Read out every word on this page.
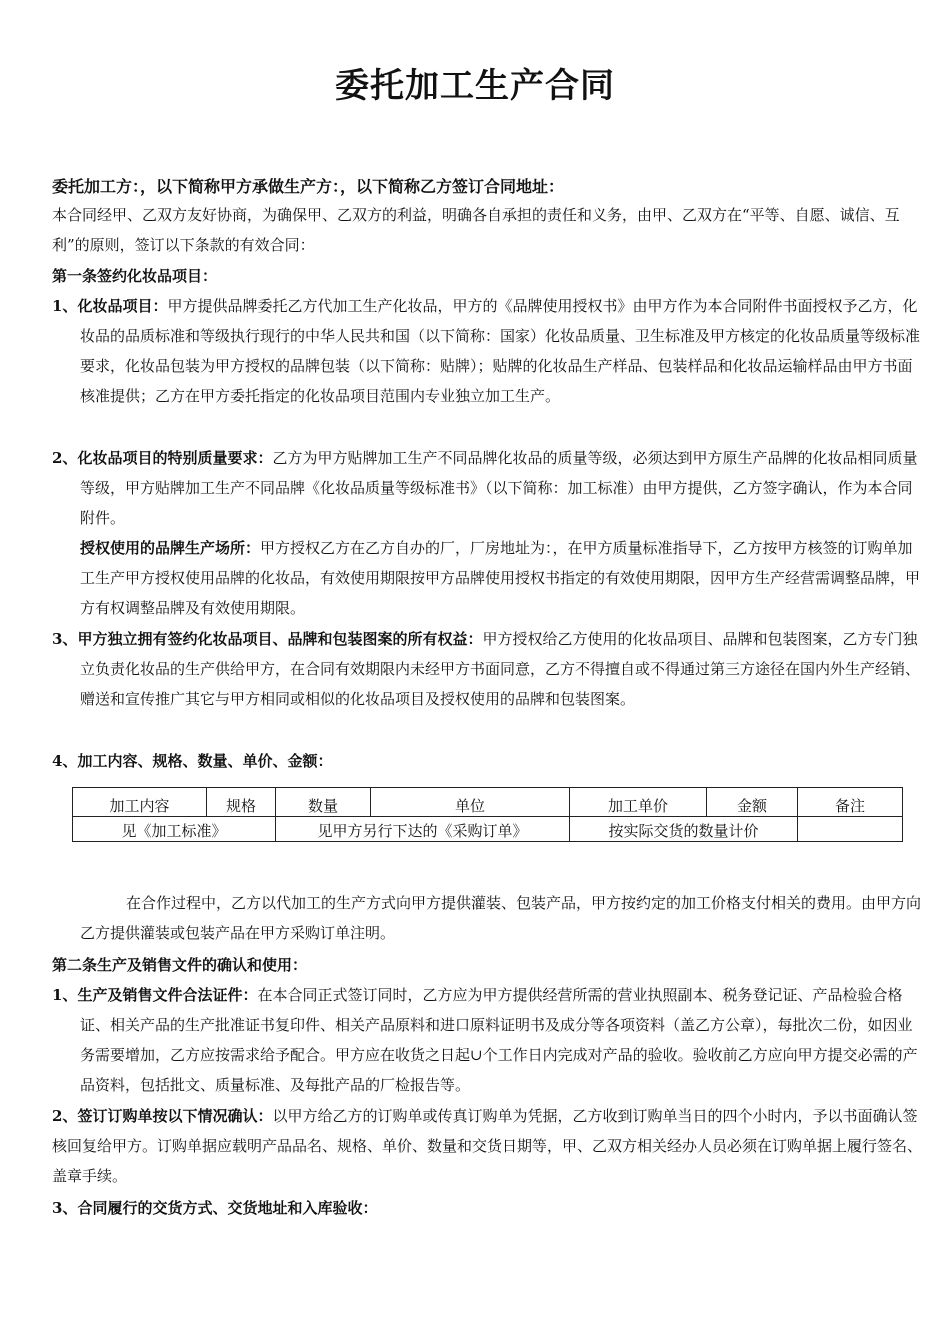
委托加工生产合同

委托加工方：，以下简称甲方承做生产方：，以下简称乙方签订合同地址：

本合同经甲、乙双方友好协商，为确保甲、乙双方的利益，明确各自承担的责任和义务，由甲、乙双方在“平等、自愿、诚信、互利”的原则，签订以下条款的有效合同：

第一条签约化妆品项目：

1、化妆品项目：甲方提供品牌委托乙方代加工生产化妆品，甲方的《品牌使用授权书》由甲方作为本合同附件书面授权予乙方，化妆品的品质标准和等级执行现行的中华人民共和国（以下简称：国家）化妆品质量、卫生标准及甲方核定的化妆品质量等级标准要求，化妆品包装为甲方授权的品牌包装（以下简称：贴牌）；贴牌的化妆品生产样品、包装样品和化妆品运输样品由甲方书面核准提供；乙方在甲方委托指定的化妆品项目范围内专业独立加工生产。

2、化妆品项目的特别质量要求：乙方为甲方贴牌加工生产不同品牌化妆品的质量等级，必须达到甲方原生产品牌的化妆品相同质量等级，甲方贴牌加工生产不同品牌《化妆品质量等级标准书》（以下简称：加工标准）由甲方提供，乙方签字确认，作为本合同附件。

授权使用的品牌生产场所：甲方授权乙方在乙方自办的厂，厂房地址为：，在甲方质量标准指导下，乙方按甲方核签的订购单加工生产甲方授权使用品牌的化妆品，有效使用期限按甲方品牌使用授权书指定的有效使用期限，因甲方生产经营需调整品牌，甲方有权调整品牌及有效使用期限。

3、甲方独立拥有签约化妆品项目、品牌和包装图案的所有权益：甲方授权给乙方使用的化妆品项目、品牌和包装图案，乙方专门独立负责化妆品的生产供给甲方，在合同有效期限内未经甲方书面同意，乙方不得擅自或不得通过第三方途径在国内外生产经销、赠送和宣传推广其它与甲方相同或相似的化妆品项目及授权使用的品牌和包装图案。

4、加工内容、规格、数量、单价、金额：

加工内容	规格	数量	单位	加工单价	金额	备注
见《加工标准》		见甲方另行下达的《采购订单》		按实际交货的数量计价		

在合作过程中，乙方以代加工的生产方式向甲方提供灌装、包装产品，甲方按约定的加工价格支付相关的费用。由甲方向乙方提供灌装或包装产品在甲方采购订单注明。

第二条生产及销售文件的确认和使用：

1、生产及销售文件合法证件：在本合同正式签订同时，乙方应为甲方提供经营所需的营业执照副本、税务登记证、产品检验合格证、相关产品的生产批准证书复印件、相关产品原料和进口原料证明书及成分等各项资料（盖乙方公章），每批次二份，如因业务需要增加，乙方应按需求给予配合。甲方应在收货之日起∪个工作日内完成对产品的验收。验收前乙方应向甲方提交必需的产品资料，包括批文、质量标准、及每批产品的厂检报告等。

2、签订订购单按以下情况确认：以甲方给乙方的订购单或传真订购单为凭据，乙方收到订购单当日的四个小时内，予以书面确认签核回复给甲方。订购单据应载明产品品名、规格、单价、数量和交货日期等，甲、乙双方相关经办人员必须在订购单据上履行签名、盖章手续。

3、合同履行的交货方式、交货地址和入库验收：
